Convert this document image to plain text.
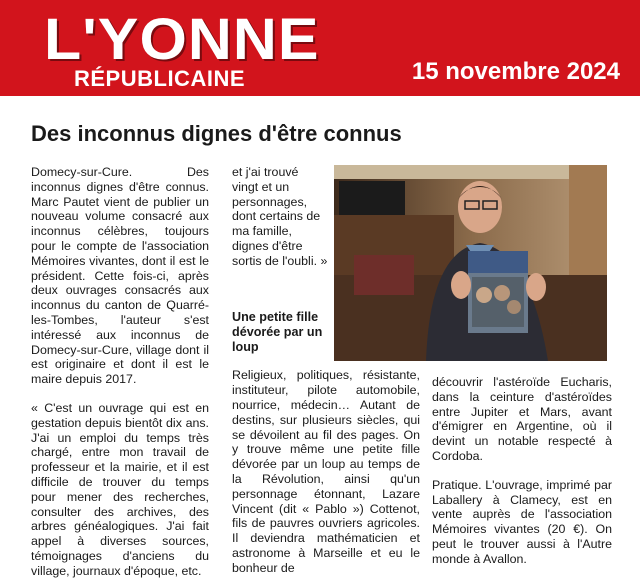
L'YONNE
RÉPUBLICAINE	15 novembre 2024
Des inconnus dignes d'être connus

Domecy-sur-Cure. Des inconnus dignes d'être connus. Marc Pautet vient de publier un nouveau volume consacré aux inconnus célèbres, toujours pour le compte de l'association Mémoires vivantes, dont il est le président. Cette fois-ci, après deux ouvrages consacrés aux inconnus du canton de Quarré-les-Tombes, l'auteur s'est intéressé aux inconnus de Domecy-sur-Cure, village dont il est originaire et dont il est le maire depuis 2017.

« C'est un ouvrage qui est en gestation depuis bientôt dix ans. J'ai un emploi du temps très chargé, entre mon travail de professeur et la mairie, et il est difficile de trouver du temps pour mener des recherches, consulter des archives, des arbres généalogiques. J'ai fait appel à diverses sources, témoignages d'anciens du village, journaux d'époque, etc.

et j'ai trouvé vingt et un personnages, dont certains de ma famille, dignes d'être sortis de l'oubli. »

Une petite fille dévorée par un loup

Religieux, politiques, résistante, instituteur, pilote automobile, nourrice, médecin… Autant de destins, sur plusieurs siècles, qui se dévoilent au fil des pages. On y trouve même une petite fille dévorée par un loup au temps de la Révolution, ainsi qu'un personnage étonnant, Lazare Vincent (dit « Pablo ») Cottenot, fils de pauvres ouvriers agricoles. Il deviendra mathématicien et astronome à Marseille et eu le bonheur de

découvrir l'astéroïde Eucharis, dans la ceinture d'astéroïdes entre Jupiter et Mars, avant d'émigrer en Argentine, où il devint un notable respecté à Cordoba.

Pratique. L'ouvrage, imprimé par Laballery à Clamecy, est en vente auprès de l'association Mémoires vivantes (20 €). On peut le trouver aussi à l'Autre monde à Avallon.
